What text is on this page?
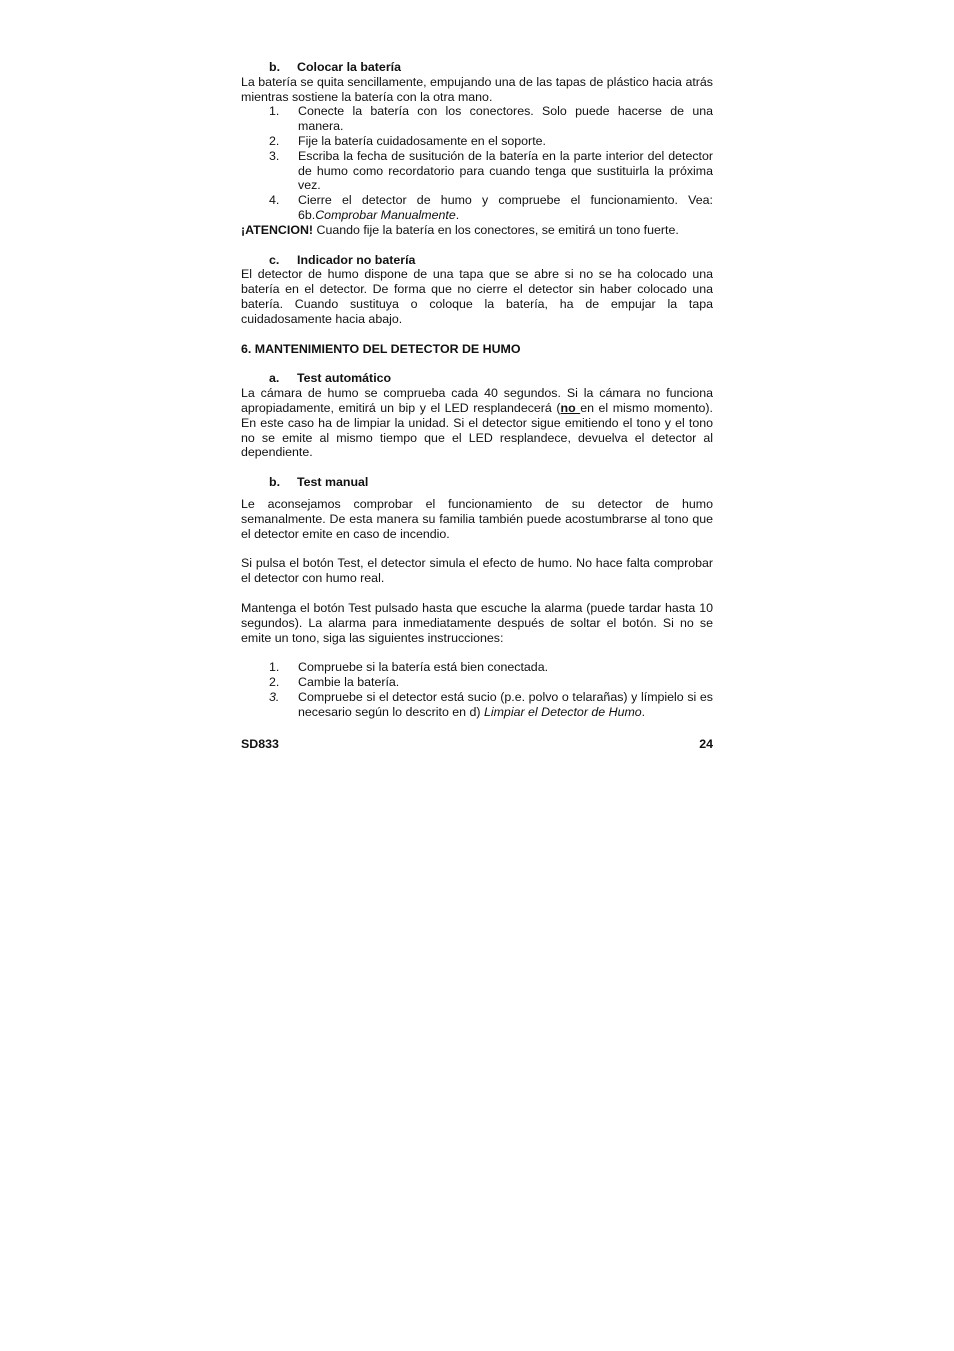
b. Colocar la batería

La batería se quita sencillamente, empujando una de las tapas de plástico hacia atrás mientras sostiene la batería con la otra mano.

1. Conecte la batería con los conectores. Solo puede hacerse de una manera.
2. Fije la batería cuidadosamente en el soporte.
3. Escriba la fecha de susitución de la batería en la parte interior del detector de humo como recordatorio para cuando tenga que sustituirla la próxima vez.
4. Cierre el detector de humo y compruebe el funcionamiento. Vea: 6b.Comprobar Manualmente.

¡ATENCION! Cuando fije la batería en los conectores, se emitirá un tono fuerte.

c. Indicador no batería

El detector de humo dispone de una tapa que se abre si no se ha colocado una batería en el detector. De forma que no cierre el detector sin haber colocado una batería. Cuando sustituya o coloque la batería, ha de empujar la tapa cuidadosamente hacia abajo.

6. MANTENIMIENTO DEL DETECTOR DE HUMO
a. Test automático

La cámara de humo se comprueba cada 40 segundos. Si la cámara no funciona apropiadamente, emitirá un bip y el LED resplandecerá (no en el mismo momento). En este caso ha de limpiar la unidad. Si el detector sigue emitiendo el tono y el tono no se emite al mismo tiempo que el LED resplandece, devuelva el detector al dependiente.

b. Test manual

Le aconsejamos comprobar el funcionamiento de su detector de humo semanalmente. De esta manera su familia también puede acostumbrarse al tono que el detector emite en caso de incendio.

Si pulsa el botón Test, el detector simula el efecto de humo. No hace falta comprobar el detector con humo real.

Mantenga el botón Test pulsado hasta que escuche la alarma (puede tardar hasta 10 segundos). La alarma para inmediatamente después de soltar el botón. Si no se emite un tono, siga las siguientes instrucciones:

1. Compruebe si la batería está bien conectada.
2. Cambie la batería.
3. Compruebe si el detector está sucio (p.e. polvo o telarañas) y límpielo si es necesario según lo descrito en d) Limpiar el Detector de Humo.
SD833	24
